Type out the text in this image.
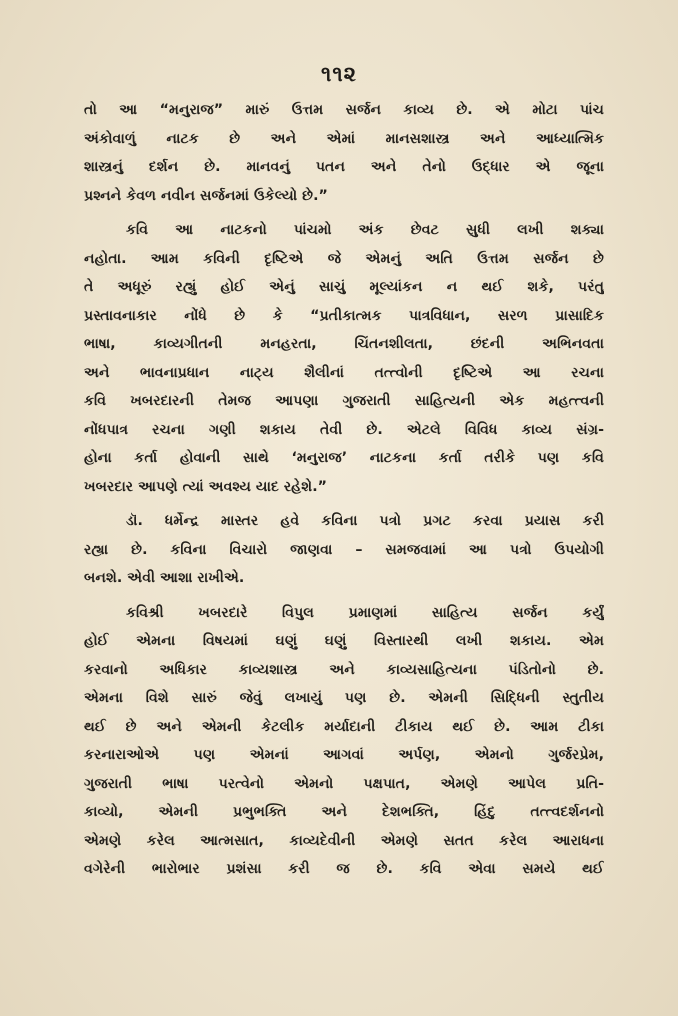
૧૧૨
તો આ “મનુરાજ” મારું ઉત્તમ સર્જન કાવ્ય છે. એ મોટા પાંચ
અંકોવાળું નાટક છે અને એમાં માનસશાસ્ત્ર અને આધ્યાત્મિક
શાસ્ત્રનું દર્શન છે. માનવનું પતન અને તેનો ઉદ્ધાર એ જૂના
પ્રશ્નને કેવળ નવીન સર્જનમાં ઉકેલ્યો છે.”
કવિ આ નાટકનો પાંચમો અંક છેવટ સુધી લખી શક્યા
નહોતા. આમ કવિની દૃષ્ટિએ જે એમનું અતિ ઉત્તમ સર્જન છે
તે અધૂરું રહ્યું હોઈ એનું સાચું મૂલ્યાંકન ન થઈ શકે, પરંતુ
પ્રસ્તાવનાકાર નોંધે છે કે “પ્રતીકાત્મક પાત્રવિધાન, સરળ પ્રાસાદિક
ભાષા, કાવ્યગીતની મનહરતા, ચિંતનશીલતા, છંદની અભિનવતા
અને ભાવનાપ્રધાન નાટ્ય શૈલીનાં તત્ત્વોની દૃષ્ટિએ આ રચના
કવિ ખબરદારની તેમજ આપણા ગુજરાતી સાહિત્યની એક મહત્ત્વની
નોંધપાત્ર રચના ગણી શકાય તેવી છે. એટલે વિવિધ કાવ્ય સંગ્ર-
હોના કર્તા હોવાની સાથે ‘મનુરાજ’ નાટકના કર્તા તરીકે પણ કવિ
ખબરદાર આપણે ત્યાં અવશ્ય યાદ રહેશે.”
ડૉ. ધર્મેન્દ્ર માસ્તર હવે કવિના પત્રો પ્રગટ કરવા પ્રયાસ કરી
રહ્યા છે. કવિના વિચારો જાણવા – સમજવામાં આ પત્રો ઉપયોગી
બનશે. એવી આશા રાખીએ.
કવિશ્રી ખબરદારે વિપુલ પ્રમાણમાં સાહિત્ય સર્જન કર્યું
હોઈ એમના વિષયમાં ઘણું ઘણું વિસ્તારથી લખી શકાય. એમ
કરવાનો અધિકાર કાવ્યશાસ્ત્ર અને કાવ્યસાહિત્યના પંડિતોનો છે.
એમના વિશે સારું જેવું લખાયું પણ છે. એમની સિદ્ધિની સ્તુતીય
થઈ છે અને એમની કેટલીક મર્યાદાની ટીકાય થઈ છે. આમ ટીકા
કરનારાઓએ પણ એમનાં આગવાં અર્પણ, એમનો ગુર્જરપ્રેમ,
ગુજરાતી ભાષા પરત્વેનો એમનો પક્ષપાત, એમણે આપેલ પ્રતિ-
કાવ્યો, એમની પ્રભુભક્તિ અને દેશભક્તિ, હિંદુ તત્ત્વદર્શનનો
એમણે કરેલ આત્મસાત, કાવ્યદેવીની એમણે સતત કરેલ આરાધના
વગેરેની ભારોભાર પ્રશંસા કરી જ છે. કવિ એવા સમયે થઈ
